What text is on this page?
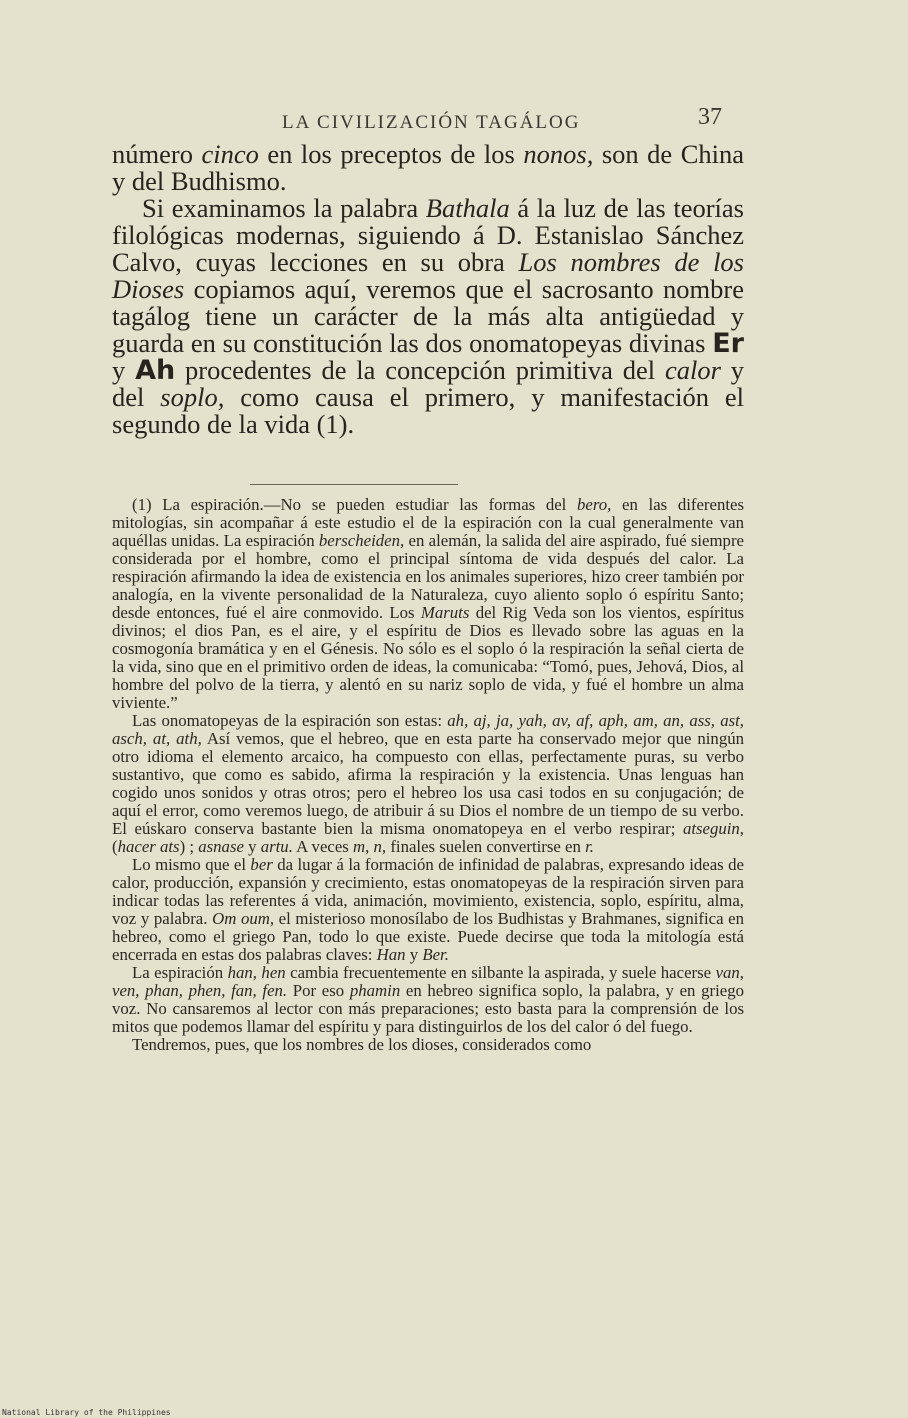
LA CIVILIZACIÓN TAGÁLOG	37

número cinco en los preceptos de los nonos, son de China y del Budhismo.

Si examinamos la palabra Bathala á la luz de las teorías filológicas modernas, siguiendo á D. Estanislao Sánchez Calvo, cuyas lecciones en su obra Los nombres de los Dioses copiamos aquí, veremos que el sacrosanto nombre tagálog tiene un carácter de la más alta antigüedad y guarda en su constitución las dos onomatopeyas divinas Er y Ah procedentes de la concepción primitiva del calor y del soplo, como causa el primero, y manifestación el segundo de la vida (1).

(1) La espiración.—No se pueden estudiar las formas del bero, en las diferentes mitologías, sin acompañar á este estudio el de la espiración con la cual generalmente van aquéllas unidas. La espiración berscheiden, en alemán, la salida del aire aspirado, fué siempre considerada por el hombre, como el principal síntoma de vida después del calor. La respiración afirmando la idea de existencia en los animales superiores, hizo creer también por analogía, en la vivente personalidad de la Naturaleza, cuyo aliento soplo ó espíritu Santo; desde entonces, fué el aire conmovido. Los Maruts del Rig Veda son los vientos, espíritus divinos; el dios Pan, es el aire, y el espíritu de Dios es llevado sobre las aguas en la cosmogonía bramática y en el Génesis. No sólo es el soplo ó la respiración la señal cierta de la vida, sino que en el primitivo orden de ideas, la comunicaba: “Tomó, pues, Jehová, Dios, al hombre del polvo de la tierra, y alentó en su nariz soplo de vida, y fué el hombre un alma viviente.”

Las onomatopeyas de la espiración son estas: ah, aj, ja, yah, av, af, aph, am, an, ass, ast, asch, at, ath, Así vemos, que el hebreo, que en esta parte ha conservado mejor que ningún otro idioma el elemento arcaico, ha compuesto con ellas, perfectamente puras, su verbo sustantivo, que como es sabido, afirma la respiración y la existencia. Unas lenguas han cogido unos sonidos y otras otros; pero el hebreo los usa casi todos en su conjugación; de aquí el error, como veremos luego, de atribuir á su Dios el nombre de un tiempo de su verbo. El eúskaro conserva bastante bien la misma onomatopeya en el verbo respirar; atseguin, (hacer ats) ; asnase y artu. A veces m, n, finales suelen convertirse en r.

Lo mismo que el ber da lugar á la formación de infinidad de palabras, expresando ideas de calor, producción, expansión y crecimiento, estas onomatopeyas de la respiración sirven para indicar todas las referentes á vida, animación, movimiento, existencia, soplo, espíritu, alma, voz y palabra. Om oum, el misterioso monosílabo de los Budhistas y Brahmanes, significa en hebreo, como el griego Pan, todo lo que existe. Puede decirse que toda la mitología está encerrada en estas dos palabras claves: Han y Ber.

La espiración han, hen cambia frecuentemente en silbante la aspirada, y suele hacerse van, ven, phan, phen, fan, fen. Por eso phamin en hebreo significa soplo, la palabra, y en griego voz. No cansaremos al lector con más preparaciones; esto basta para la comprensión de los mitos que podemos llamar del espíritu y para distinguirlos de los del calor ó del fuego.

Tendremos, pues, que los nombres de los dioses, considerados como

National Library of the Philippines
